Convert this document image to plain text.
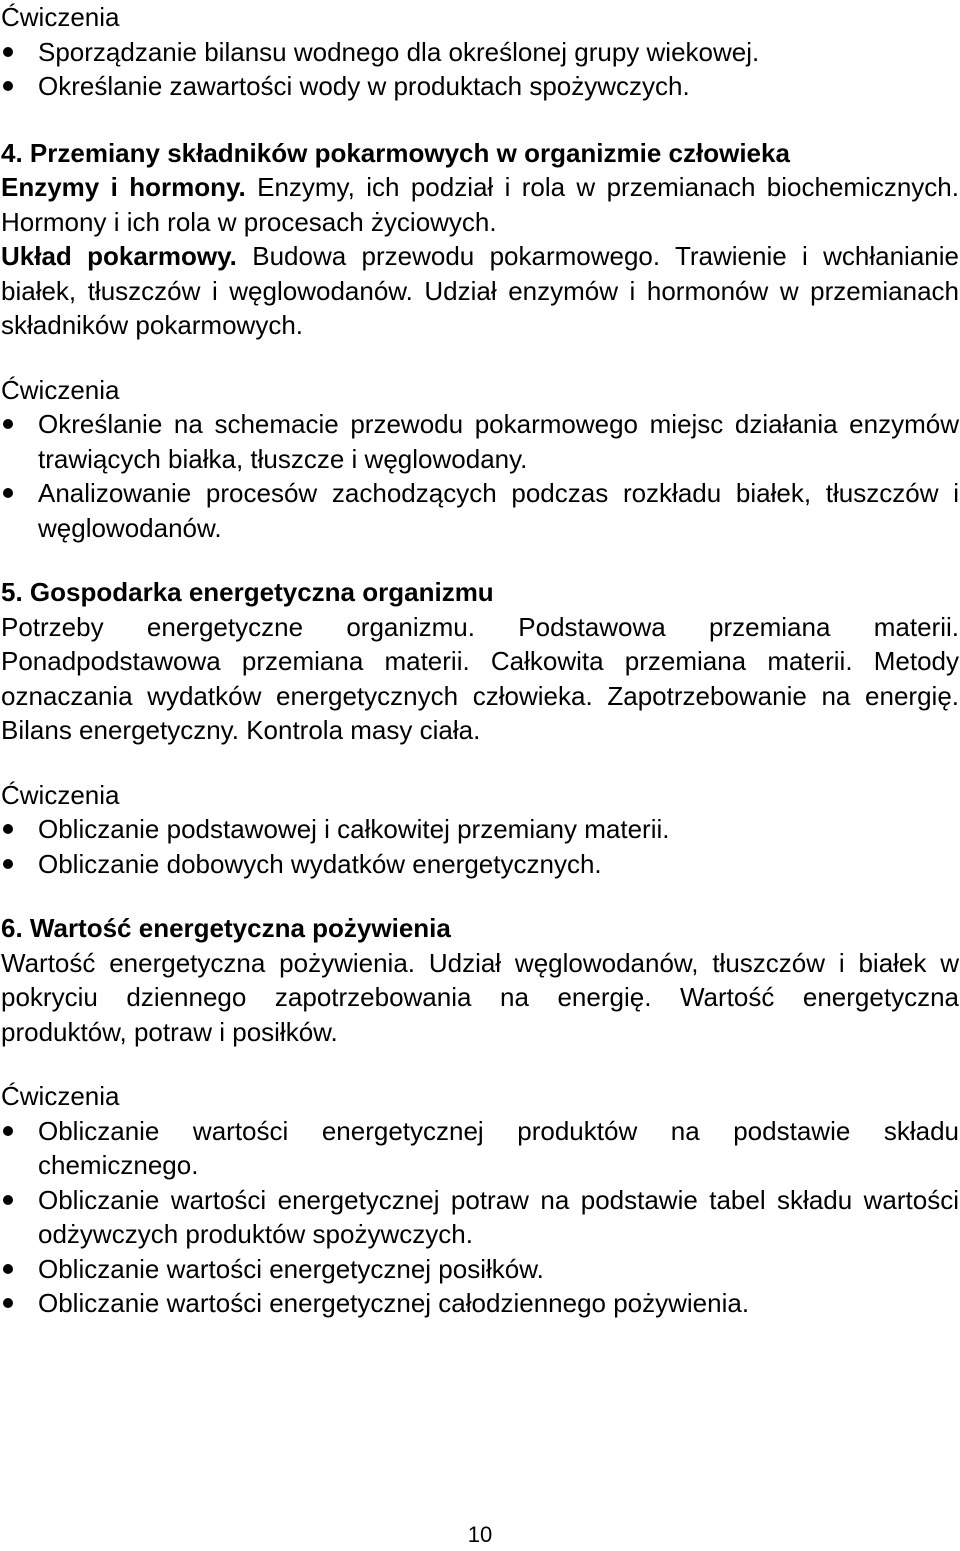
Ćwiczenia

Sporządzanie bilansu wodnego dla określonej grupy wiekowej.
Określanie zawartości wody w produktach spożywczych.

4. Przemiany składników pokarmowych w organizmie człowieka

Enzymy i hormony. Enzymy, ich podział i rola w przemianach biochemicznych. Hormony i ich rola w procesach życiowych.

Układ pokarmowy. Budowa przewodu pokarmowego. Trawienie i wchłanianie białek, tłuszczów i węglowodanów. Udział enzymów i hormonów w przemianach składników pokarmowych.

Ćwiczenia

Określanie na schemacie przewodu pokarmowego miejsc działania enzymów trawiących białka, tłuszcze i węglowodany.
Analizowanie procesów zachodzących podczas rozkładu białek, tłuszczów i węglowodanów.

5. Gospodarka energetyczna organizmu

Potrzeby energetyczne organizmu. Podstawowa przemiana materii. Ponadpodstawowa przemiana materii. Całkowita przemiana materii. Metody oznaczania wydatków energetycznych człowieka. Zapotrzebowanie na energię. Bilans energetyczny. Kontrola masy ciała.

Ćwiczenia

Obliczanie podstawowej i całkowitej przemiany materii.
Obliczanie dobowych wydatków energetycznych.

6. Wartość energetyczna pożywienia

Wartość energetyczna pożywienia. Udział węglowodanów, tłuszczów i białek w pokryciu dziennego zapotrzebowania na energię. Wartość energetyczna produktów, potraw i posiłków.

Ćwiczenia

Obliczanie wartości energetycznej produktów na podstawie składu chemicznego.
Obliczanie wartości energetycznej potraw na podstawie tabel składu wartości odżywczych produktów spożywczych.
Obliczanie wartości energetycznej posiłków.
Obliczanie wartości energetycznej całodziennego pożywienia.
10
